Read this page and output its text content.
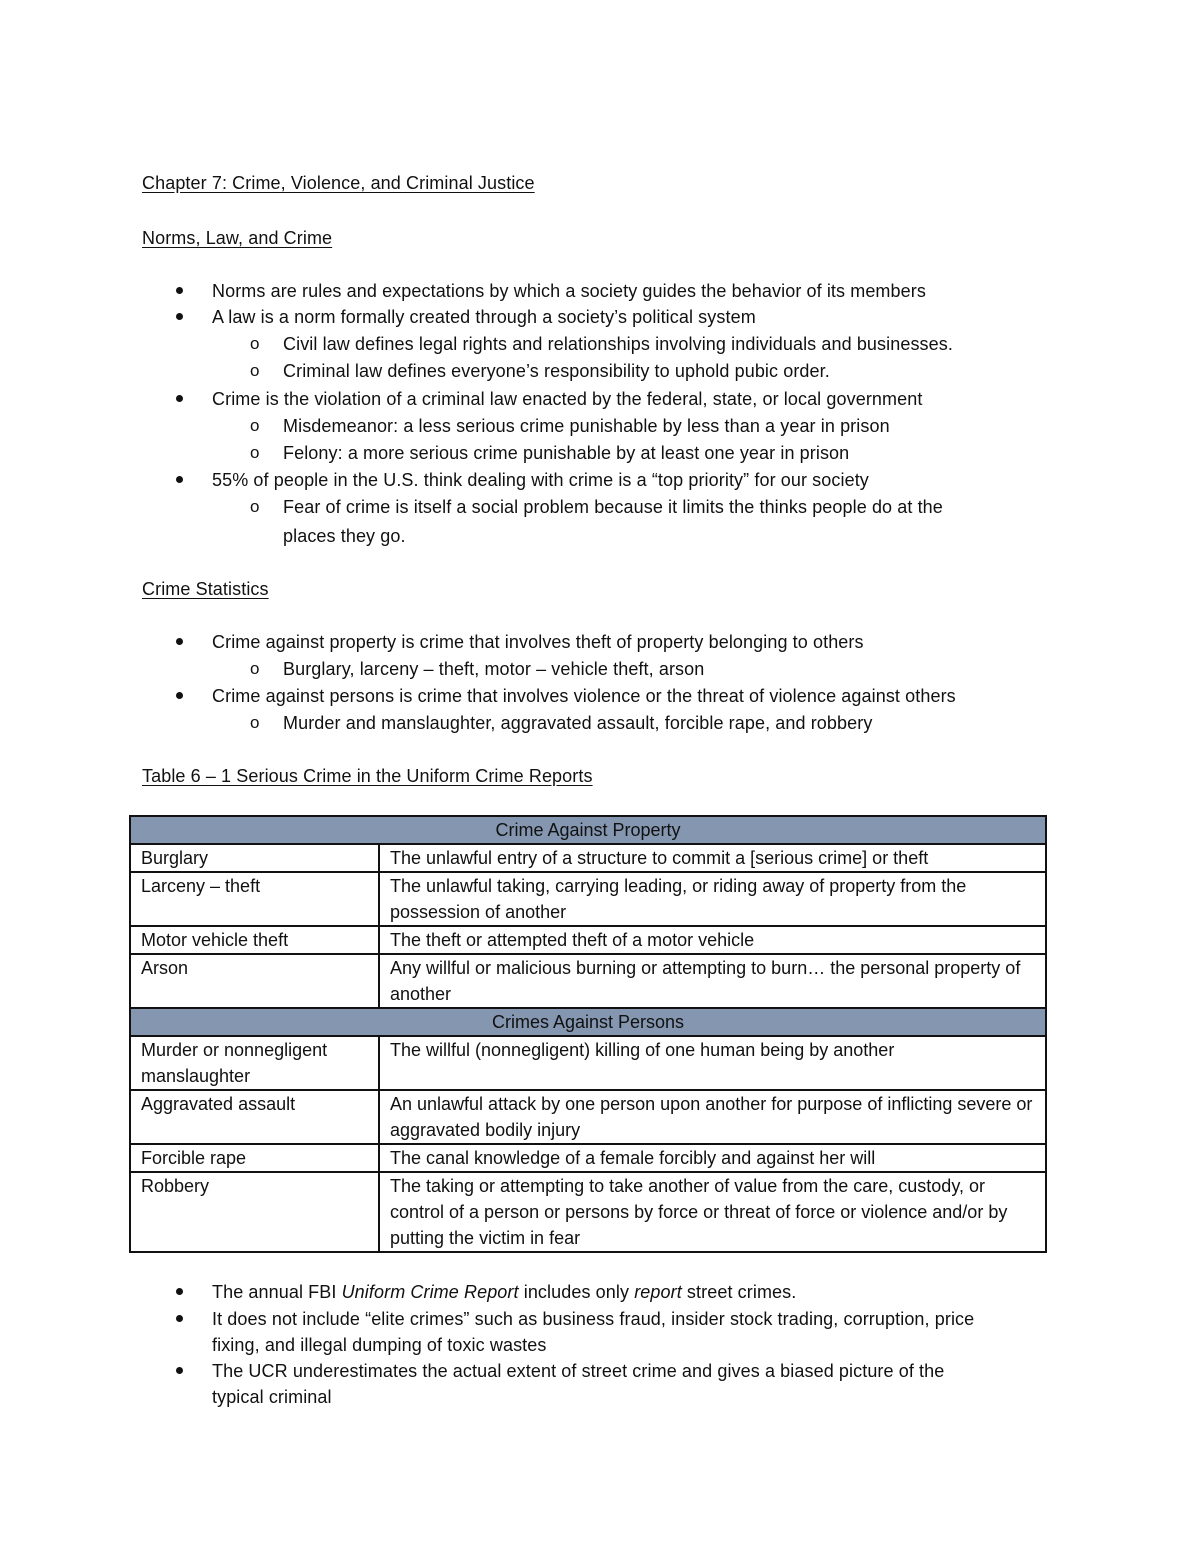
Chapter 7: Crime, Violence, and Criminal Justice
Norms, Law, and Crime
Norms are rules and expectations by which a society guides the behavior of its members
A law is a norm formally created through a society’s political system
o Civil law defines legal rights and relationships involving individuals and businesses.
o Criminal law defines everyone’s responsibility to uphold pubic order.
Crime is the violation of a criminal law enacted by the federal, state, or local government
o Misdemeanor: a less serious crime punishable by less than a year in prison
o Felony: a more serious crime punishable by at least one year in prison
55% of people in the U.S. think dealing with crime is a “top priority” for our society
o Fear of crime is itself a social problem because it limits the thinks people do at the
places they go.
Crime Statistics
Crime against property is crime that involves theft of property belonging to others
o Burglary, larceny – theft, motor – vehicle theft, arson
Crime against persons is crime that involves violence or the threat of violence against others
o Murder and manslaughter, aggravated assault, forcible rape, and robbery
Table 6 – 1 Serious Crime in the Uniform Crime Reports
Crime Against Property	
Burglary	The unlawful entry of a structure to commit a [serious crime] or theft
Larceny – theft	The unlawful taking, carrying leading, or riding away of property from the possession of another
Motor vehicle theft	The theft or attempted theft of a motor vehicle
Arson	Any willful or malicious burning or attempting to burn… the personal property of another
Crimes Against Persons	
Murder or nonnegligent manslaughter	The willful (nonnegligent) killing of one human being by another
Aggravated assault	An unlawful attack by one person upon another for purpose of inflicting severe or aggravated bodily injury
Forcible rape	The canal knowledge of a female forcibly and against her will
Robbery	The taking or attempting to take another of value from the care, custody, or control of a person or persons by force or threat of force or violence and/or by putting the victim in fear
The annual FBI Uniform Crime Report includes only report street crimes.
It does not include “elite crimes” such as business fraud, insider stock trading, corruption, price
fixing, and illegal dumping of toxic wastes
The UCR underestimates the actual extent of street crime and gives a biased picture of the
typical criminal
